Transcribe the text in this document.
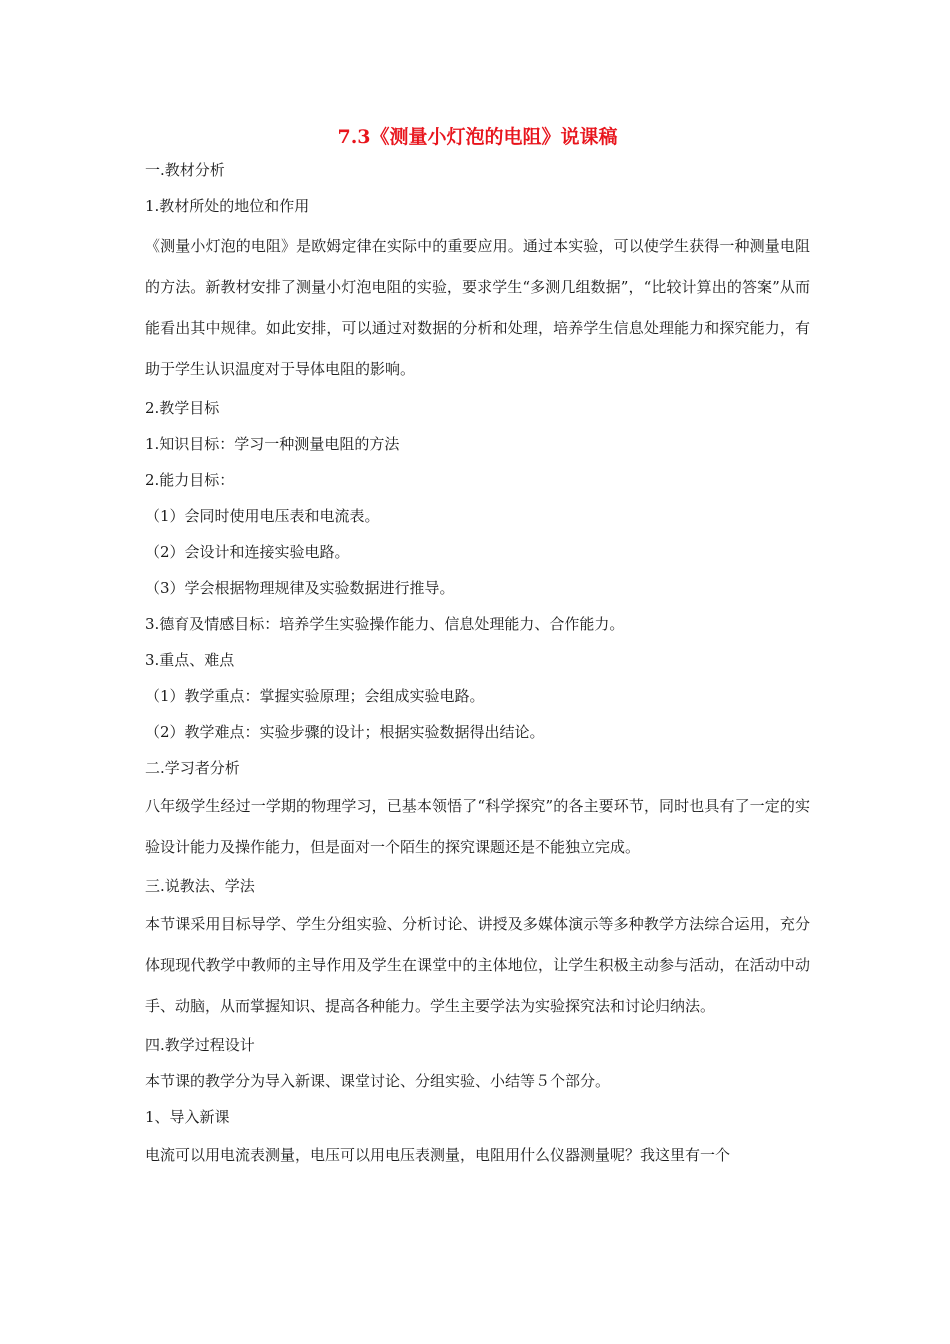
7.3《测量小灯泡的电阻》说课稿

一.教材分析

1.教材所处的地位和作用

《测量小灯泡的电阻》是欧姆定律在实际中的重要应用。通过本实验，可以使学生获得一种测量电阻的方法。新教材安排了测量小灯泡电阻的实验，要求学生“多测几组数据”，“比较计算出的答案”从而能看出其中规律。如此安排，可以通过对数据的分析和处理，培养学生信息处理能力和探究能力，有助于学生认识温度对于导体电阻的影响。

2.教学目标

1.知识目标：学习一种测量电阻的方法

2.能力目标：

（1）会同时使用电压表和电流表。

（2）会设计和连接实验电路。

（3）学会根据物理规律及实验数据进行推导。

3.德育及情感目标：培养学生实验操作能力、信息处理能力、合作能力。

3.重点、难点

（1）教学重点：掌握实验原理；会组成实验电路。

（2）教学难点：实验步骤的设计；根据实验数据得出结论。

二.学习者分析

八年级学生经过一学期的物理学习，已基本领悟了“科学探究”的各主要环节，同时也具有了一定的实验设计能力及操作能力，但是面对一个陌生的探究课题还是不能独立完成。

三.说教法、学法

本节课采用目标导学、学生分组实验、分析讨论、讲授及多媒体演示等多种教学方法综合运用，充分体现现代教学中教师的主导作用及学生在课堂中的主体地位，让学生积极主动参与活动，在活动中动手、动脑，从而掌握知识、提高各种能力。学生主要学法为实验探究法和讨论归纳法。

四.教学过程设计

本节课的教学分为导入新课、课堂讨论、分组实验、小结等５个部分。

1、导入新课

电流可以用电流表测量，电压可以用电压表测量，电阻用什么仪器测量呢？我这里有一个
